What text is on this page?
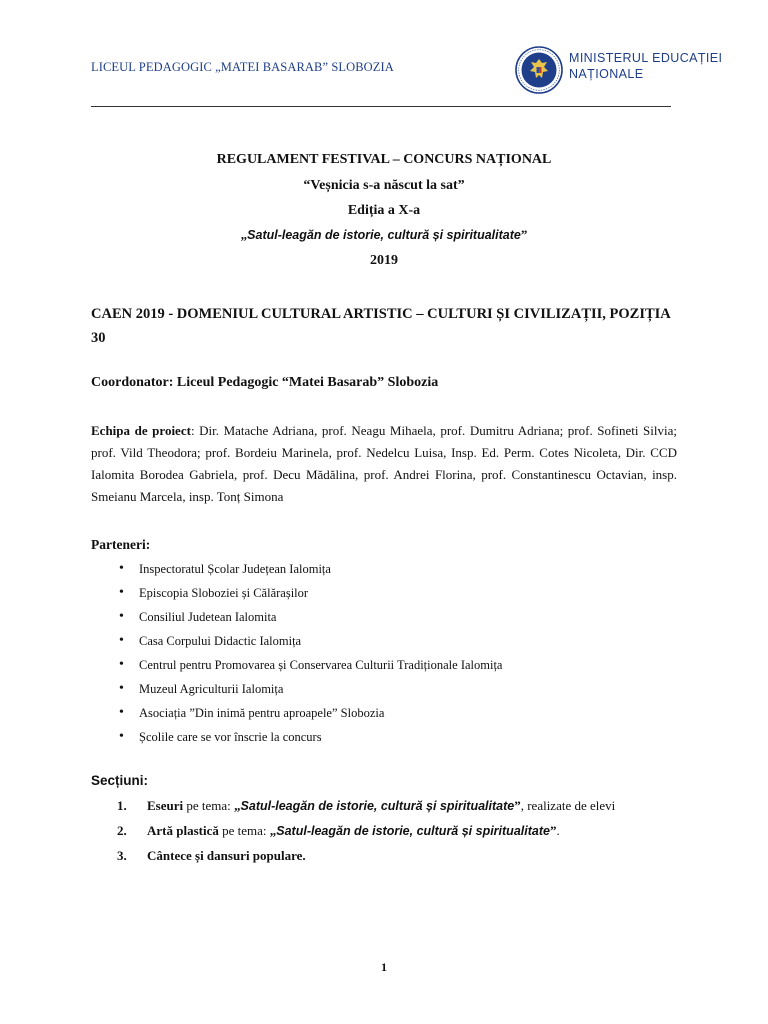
LICEUL PEDAGOGIC „MATEI BASARAB” SLOBOZIA
MINISTERUL EDUCAȚIEI
NAȚIONALE
REGULAMENT FESTIVAL – CONCURS NAȚIONAL
“Veșnicia s-a născut la sat”
Ediția a X-a
„Satul-leagăn de istorie, cultură și spiritualitate”
2019
CAEN 2019 - DOMENIUL CULTURAL ARTISTIC – CULTURI ȘI CIVILIZAȚII, POZIȚIA 30
Coordonator: Liceul Pedagogic “Matei Basarab” Slobozia
Echipa de proiect: Dir. Matache Adriana, prof. Neagu Mihaela, prof. Dumitru Adriana; prof. Sofineti Silvia; prof. Vild Theodora; prof. Bordeiu Marinela, prof. Nedelcu Luisa, Insp. Ed. Perm. Cotes Nicoleta, Dir. CCD Ialomita Borodea Gabriela, prof. Decu Mădălina, prof. Andrei Florina, prof. Constantinescu Octavian, insp. Smeianu Marcela, insp. Tonț Simona
Parteneri:
• Inspectoratul Școlar Județean Ialomița
• Episcopia Sloboziei și Călărașilor
• Consiliul Judetean Ialomita
• Casa Corpului Didactic Ialomița
• Centrul pentru Promovarea și Conservarea Culturii Tradiționale Ialomița
• Muzeul Agriculturii Ialomița
• Asociația ”Din inimă pentru aproapele” Slobozia
• Școlile care se vor înscrie la concurs
Secțiuni:
1. Eseuri pe tema: „Satul-leagăn de istorie, cultură și spiritualitate”, realizate de elevi
2. Artă plastică pe tema: „Satul-leagăn de istorie, cultură și spiritualitate”.
3. Cântece și dansuri populare.
1
